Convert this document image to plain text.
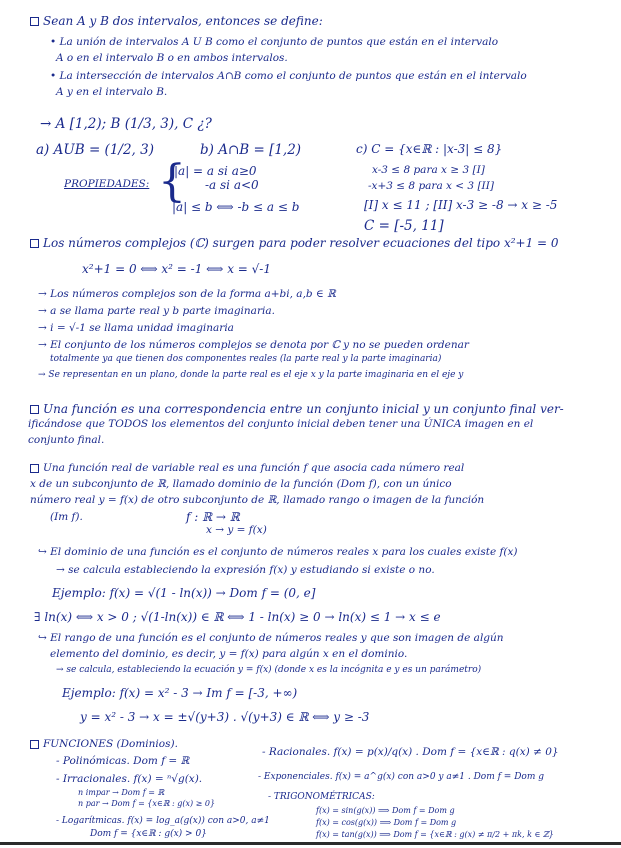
Sean A y B dos intervalos, entonces se define:
• La unión de intervalos A U B como el conjunto de puntos que están en el intervalo
A o en el intervalo B o en ambos intervalos.
• La intersección de intervalos A∩B como el conjunto de puntos que están en el intervalo
A y en el intervalo B.
→ A [1,2); B (1/3, 3), C ¿?
a) AUB = (1/2, 3)	b) A∩B = [1,2)	c) C = {x∈ℝ : |x-3| ≤ 8}
PROPIEDADES: {
|a| = a si a≥0
-a si a<0
|a| ≤ b ⟺ -b ≤ a ≤ b
x-3 ≤ 8 para x ≥ 3 [I]
-x+3 ≤ 8 para x < 3 [II]
[I] x ≤ 11 ; [II] x-3 ≥ -8 → x ≥ -5
C = [-5, 11]
Los números complejos (ℂ) surgen para poder resolver ecuaciones del tipo x²+1 = 0
x²+1 = 0 ⟺ x² = -1 ⟺ x = √-1
→ Los números complejos son de la forma a+bi, a,b ∈ ℝ
→ a se llama parte real y b parte imaginaria.
→ i = √-1 se llama unidad imaginaria
→ El conjunto de los números complejos se denota por ℂ y no se pueden ordenar
totalmente ya que tienen dos componentes reales (la parte real y la parte imaginaria)
→ Se representan en un plano, donde la parte real es el eje x y la parte imaginaria en el eje y
Una función es una correspondencia entre un conjunto inicial y un conjunto final ver-
ificándose que TODOS los elementos del conjunto inicial deben tener una ÚNICA imagen en el
conjunto final.
Una función real de variable real es una función f que asocia cada número real
x de un subconjunto de ℝ, llamado dominio de la función (Dom f), con un único
número real y = f(x) de otro subconjunto de ℝ, llamado rango o imagen de la función
(Im f).	f : ℝ → ℝ
x → y = f(x)
↪ El dominio de una función es el conjunto de números reales x para los cuales existe f(x)
→ se calcula estableciendo la expresión f(x) y estudiando si existe o no.
Ejemplo: f(x) = √(1 - ln(x)) → Dom f = (0, e]
∃ ln(x) ⟺ x > 0 ; √(1-ln(x)) ∈ ℝ ⟺ 1 - ln(x) ≥ 0 → ln(x) ≤ 1 → x ≤ e
↪ El rango de una función es el conjunto de números reales y que son imagen de algún
elemento del dominio, es decir, y = f(x) para algún x en el dominio.
→ se calcula, estableciendo la ecuación y = f(x) (donde x es la incógnita e y es un parámetro)
Ejemplo: f(x) = x² - 3 → Im f = [-3, +∞)
y = x² - 3 → x = ±√(y+3) . √(y+3) ∈ ℝ ⟺ y ≥ -3
FUNCIONES (Dominios).
- Polinómicas. Dom f = ℝ
- Racionales. f(x) = p(x)/q(x) . Dom f = {x∈ℝ : q(x) ≠ 0}
- Irracionales. f(x) = ⁿ√g(x).
n impar → Dom f = ℝ
n par → Dom f = {x∈ℝ : g(x) ≥ 0}
- Exponenciales. f(x) = a^g(x) con a>0 y a≠1 . Dom f = Dom g
- TRIGONOMÉTRICAS:
f(x) = sin(g(x)) ⟹ Dom f = Dom g
f(x) = cos(g(x)) ⟹ Dom f = Dom g
f(x) = tan(g(x)) ⟹ Dom f = {x∈ℝ : g(x) ≠ π/2 + πk, k ∈ ℤ}
- Logarítmicas. f(x) = log_a(g(x)) con a>0, a≠1
Dom f = {x∈ℝ : g(x) > 0}
